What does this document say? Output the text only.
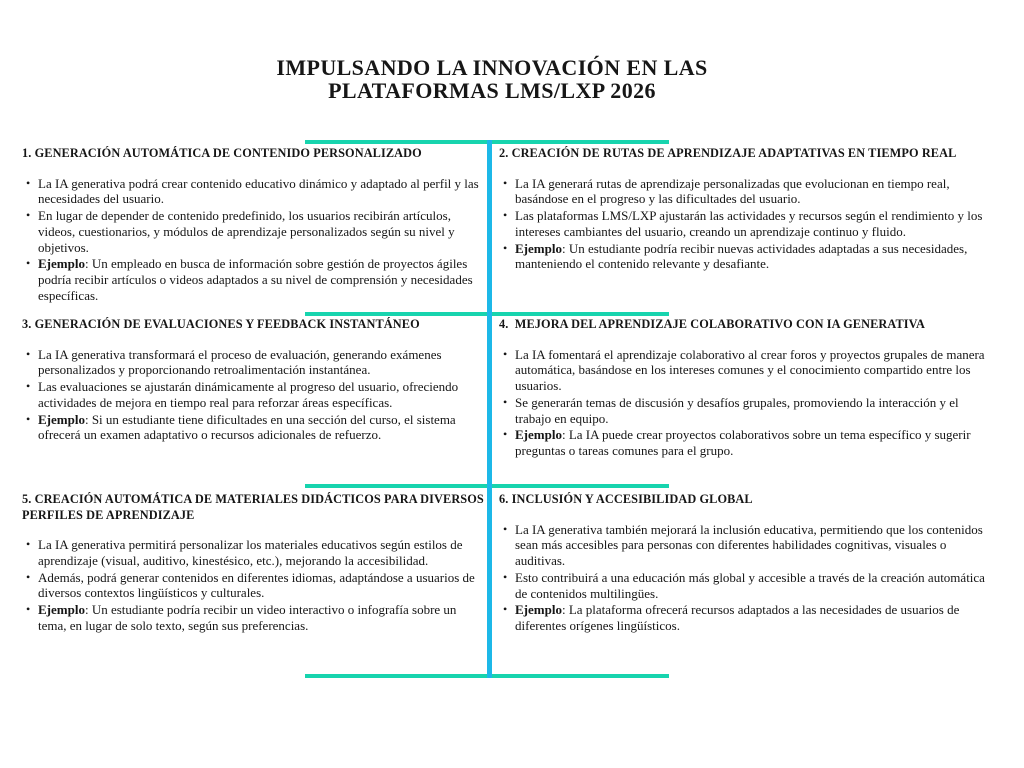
IMPULSANDO LA INNOVACIÓN EN LAS
PLATAFORMAS LMS/LXP 2026
1. GENERACIÓN AUTOMÁTICA DE CONTENIDO PERSONALIZADO
• La IA generativa podrá crear contenido educativo dinámico y adaptado al perfil y las necesidades del usuario.
• En lugar de depender de contenido predefinido, los usuarios recibirán artículos, videos, cuestionarios, y módulos de aprendizaje personalizados según su nivel y objetivos.
• Ejemplo: Un empleado en busca de información sobre gestión de proyectos ágiles podría recibir artículos o videos adaptados a su nivel de comprensión y necesidades específicas.
2. CREACIÓN DE RUTAS DE APRENDIZAJE ADAPTATIVAS EN TIEMPO REAL
• La IA generará rutas de aprendizaje personalizadas que evolucionan en tiempo real, basándose en el progreso y las dificultades del usuario.
• Las plataformas LMS/LXP ajustarán las actividades y recursos según el rendimiento y los intereses cambiantes del usuario, creando un aprendizaje continuo y fluido.
• Ejemplo: Un estudiante podría recibir nuevas actividades adaptadas a sus necesidades, manteniendo el contenido relevante y desafiante.
3. GENERACIÓN DE EVALUACIONES Y FEEDBACK INSTANTÁNEO
• La IA generativa transformará el proceso de evaluación, generando exámenes personalizados y proporcionando retroalimentación instantánea.
• Las evaluaciones se ajustarán dinámicamente al progreso del usuario, ofreciendo actividades de mejora en tiempo real para reforzar áreas específicas.
• Ejemplo: Si un estudiante tiene dificultades en una sección del curso, el sistema ofrecerá un examen adaptativo o recursos adicionales de refuerzo.
4.  MEJORA DEL APRENDIZAJE COLABORATIVO CON IA GENERATIVA
• La IA fomentará el aprendizaje colaborativo al crear foros y proyectos grupales de manera automática, basándose en los intereses comunes y el conocimiento compartido entre los usuarios.
• Se generarán temas de discusión y desafíos grupales, promoviendo la interacción y el trabajo en equipo.
• Ejemplo: La IA puede crear proyectos colaborativos sobre un tema específico y sugerir preguntas o tareas comunes para el grupo.
5. CREACIÓN AUTOMÁTICA DE MATERIALES DIDÁCTICOS PARA DIVERSOS PERFILES DE APRENDIZAJE
• La IA generativa permitirá personalizar los materiales educativos según estilos de aprendizaje (visual, auditivo, kinestésico, etc.), mejorando la accesibilidad.
• Además, podrá generar contenidos en diferentes idiomas, adaptándose a usuarios de diversos contextos lingüísticos y culturales.
• Ejemplo: Un estudiante podría recibir un video interactivo o infografía sobre un tema, en lugar de solo texto, según sus preferencias.
6. INCLUSIÓN Y ACCESIBILIDAD GLOBAL
• La IA generativa también mejorará la inclusión educativa, permitiendo que los contenidos sean más accesibles para personas con diferentes habilidades cognitivas, visuales o auditivas.
• Esto contribuirá a una educación más global y accesible a través de la creación automática de contenidos multilingües.
• Ejemplo: La plataforma ofrecerá recursos adaptados a las necesidades de usuarios de diferentes orígenes lingüísticos.
